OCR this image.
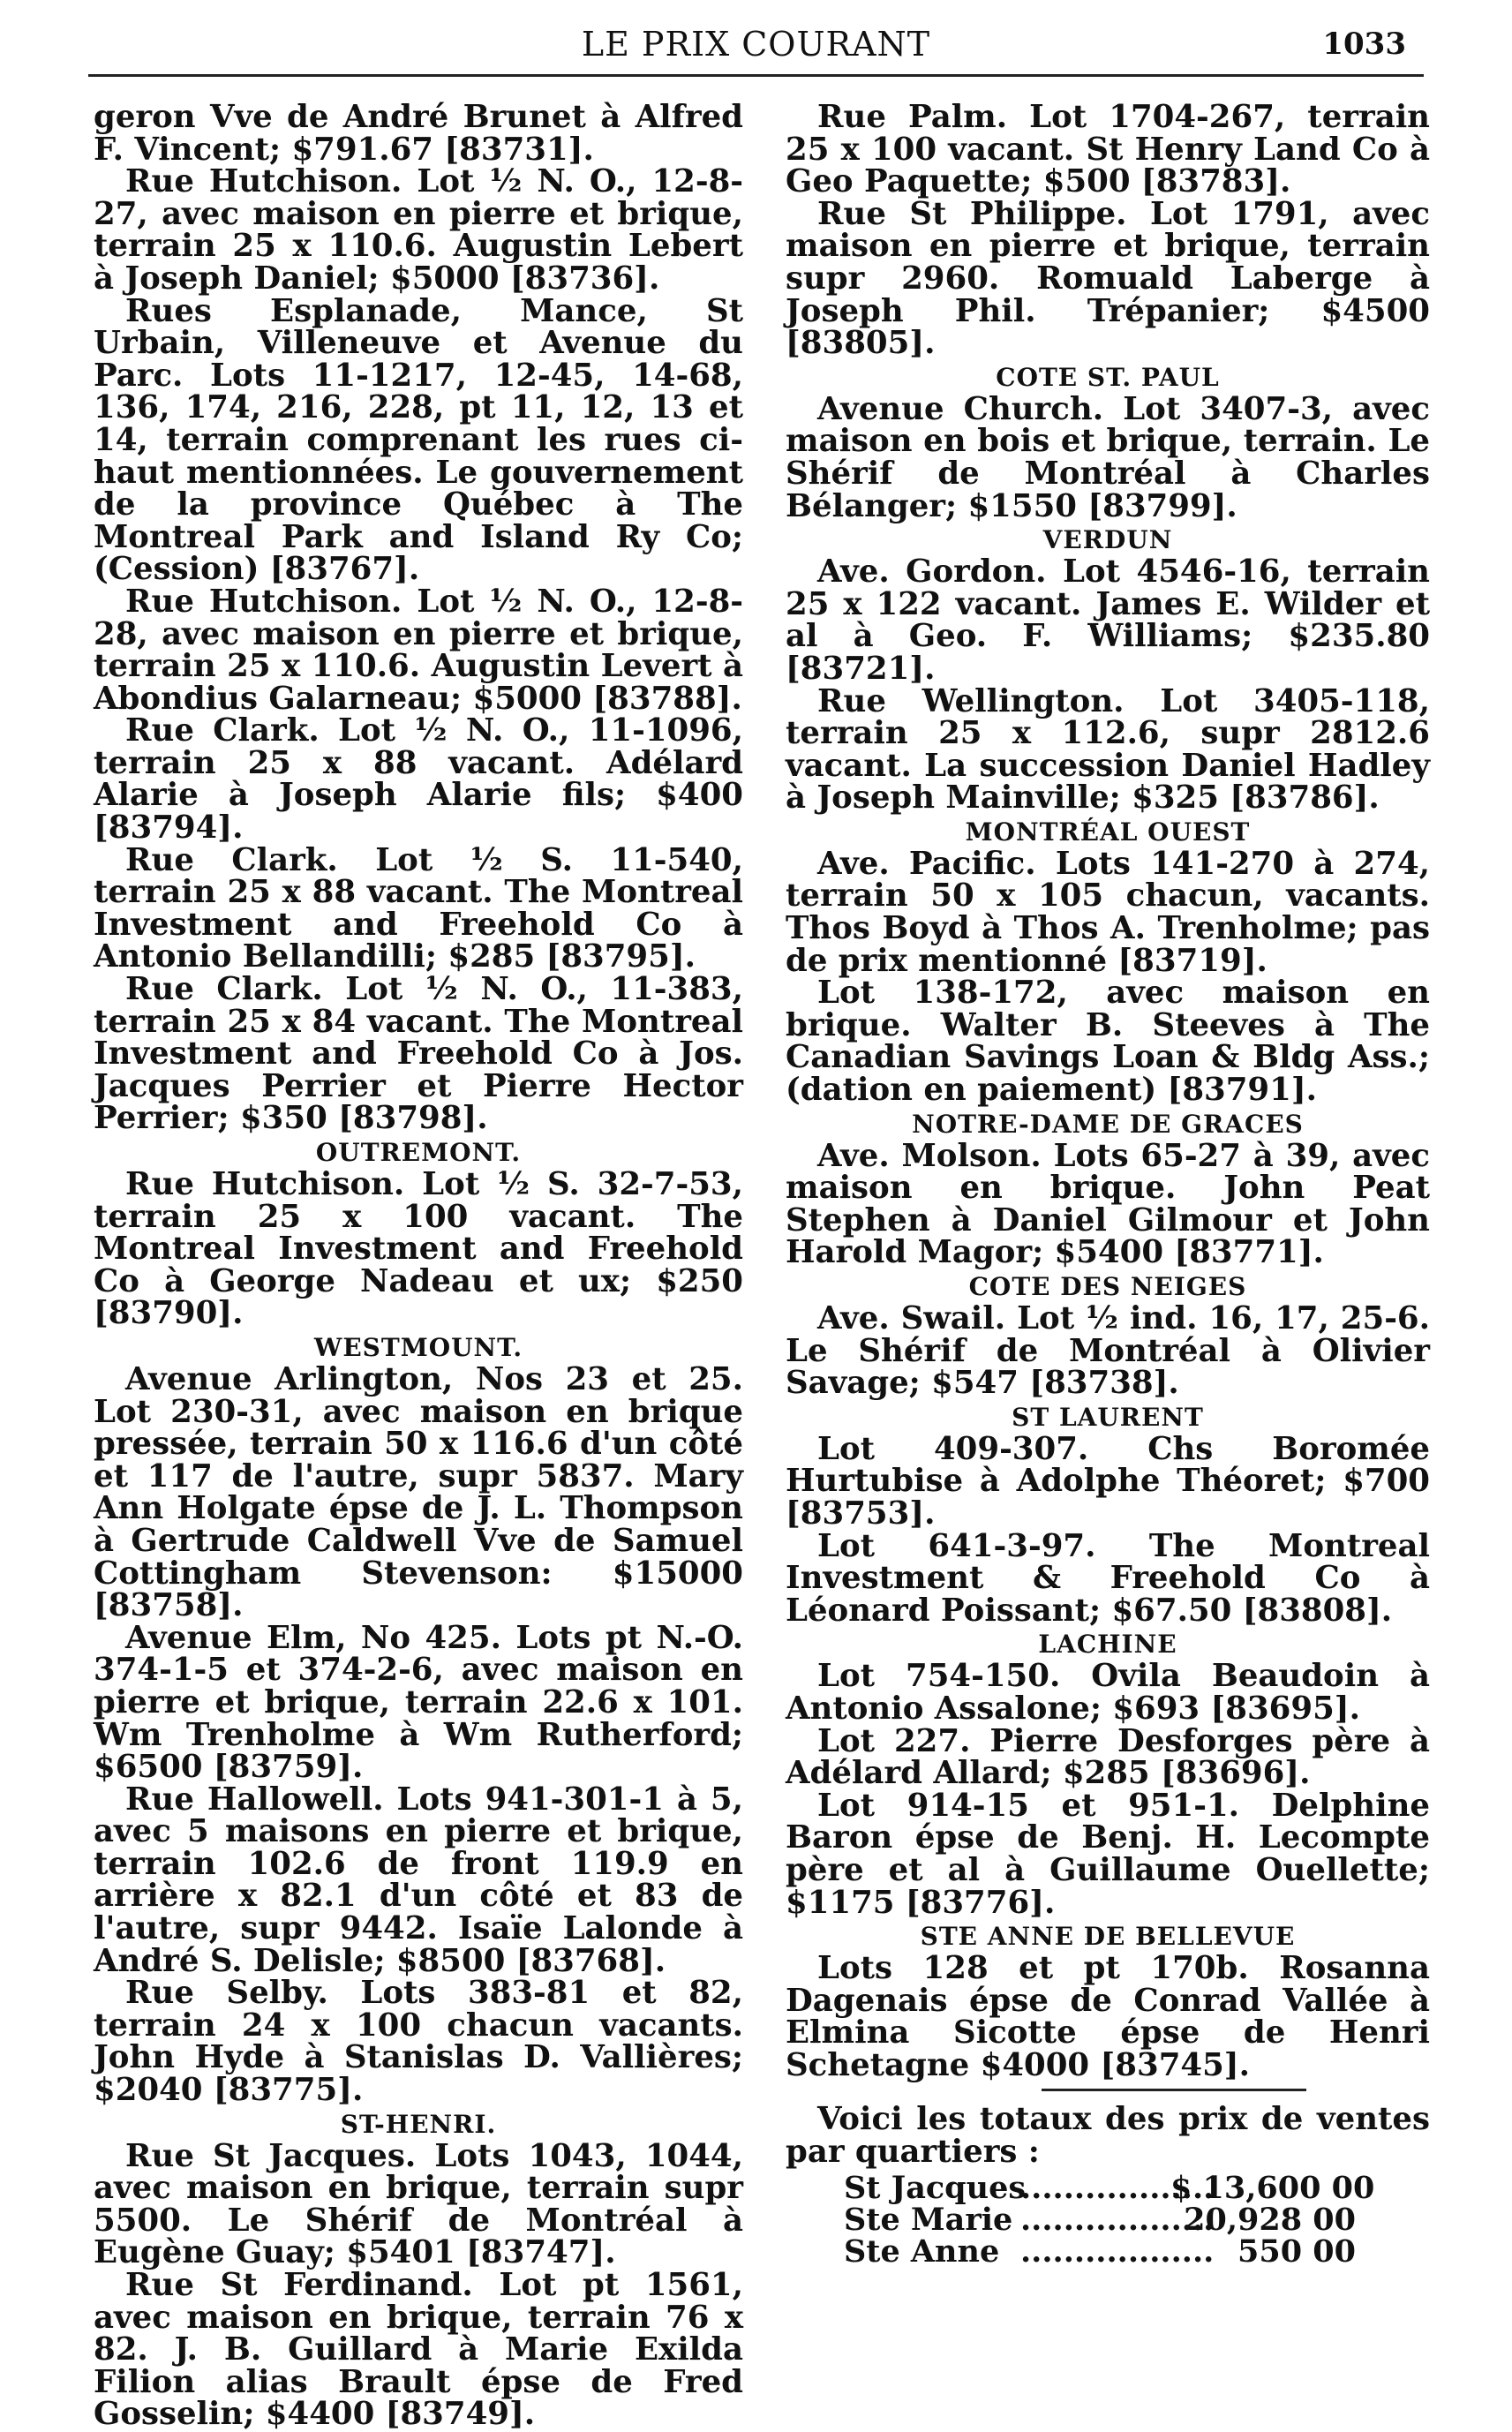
LE PRIX COURANT	1033

geron Vve de André Brunet à Alfred F. Vincent; $791.67 [83731].

Rue Hutchison. Lot ½ N. O., 12-8-27, avec maison en pierre et brique, terrain 25 x 110.6. Augustin Lebert à Joseph Daniel; $5000 [83736].

Rues Esplanade, Mance, St Urbain, Villeneuve et Avenue du Parc. Lots 11-1217, 12-45, 14-68, 136, 174, 216, 228, pt 11, 12, 13 et 14, terrain comprenant les rues ci-haut mentionnées. Le gouvernement de la province Québec à The Montreal Park and Island Ry Co; (Cession) [83767].

Rue Hutchison. Lot ½ N. O., 12-8-28, avec maison en pierre et brique, terrain 25 x 110.6. Augustin Levert à Abondius Galarneau; $5000 [83788].

Rue Clark. Lot ½ N. O., 11-1096, terrain 25 x 88 vacant. Adélard Alarie à Joseph Alarie fils; $400 [83794].

Rue Clark. Lot ½ S. 11-540, terrain 25 x 88 vacant. The Montreal Investment and Freehold Co à Antonio Bellandilli; $285 [83795].

Rue Clark. Lot ½ N. O., 11-383, terrain 25 x 84 vacant. The Montreal Investment and Freehold Co à Jos. Jacques Perrier et Pierre Hector Perrier; $350 [83798].

OUTREMONT.

Rue Hutchison. Lot ½ S. 32-7-53, terrain 25 x 100 vacant. The Montreal Investment and Freehold Co à George Nadeau et ux; $250 [83790].

WESTMOUNT.

Avenue Arlington, Nos 23 et 25. Lot 230-31, avec maison en brique pressée, terrain 50 x 116.6 d'un côté et 117 de l'autre, supr 5837. Mary Ann Holgate épse de J. L. Thompson à Gertrude Caldwell Vve de Samuel Cottingham Stevenson: $15000 [83758].

Avenue Elm, No 425. Lots pt N.-O. 374-1-5 et 374-2-6, avec maison en pierre et brique, terrain 22.6 x 101. Wm Trenholme à Wm Rutherford; $6500 [83759].

Rue Hallowell. Lots 941-301-1 à 5, avec 5 maisons en pierre et brique, terrain 102.6 de front 119.9 en arrière x 82.1 d'un côté et 83 de l'autre, supr 9442. Isaïe Lalonde à André S. Delisle; $8500 [83768].

Rue Selby. Lots 383-81 et 82, terrain 24 x 100 chacun vacants. John Hyde à Stanislas D. Vallières; $2040 [83775].

ST-HENRI.

Rue St Jacques. Lots 1043, 1044, avec maison en brique, terrain supr 5500. Le Shérif de Montréal à Eugène Guay; $5401 [83747].

Rue St Ferdinand. Lot pt 1561, avec maison en brique, terrain 76 x 82. J. B. Guillard à Marie Exilda Filion alias Brault épse de Fred Gosselin; $4400 [83749].

Rue Palm. Lot 1704-267, terrain 25 x 100 vacant. St Henry Land Co à Geo Paquette; $500 [83783].

Rue St Philippe. Lot 1791, avec maison en pierre et brique, terrain supr 2960. Romuald Laberge à Joseph Phil. Trépanier; $4500 [83805].

COTE ST. PAUL

Avenue Church. Lot 3407-3, avec maison en bois et brique, terrain. Le Shérif de Montréal à Charles Bélanger; $1550 [83799].

VERDUN

Ave. Gordon. Lot 4546-16, terrain 25 x 122 vacant. James E. Wilder et al à Geo. F. Williams; $235.80 [83721].

Rue Wellington. Lot 3405-118, terrain 25 x 112.6, supr 2812.6 vacant. La succession Daniel Hadley à Joseph Mainville; $325 [83786].

MONTRÉAL OUEST

Ave. Pacific. Lots 141-270 à 274, terrain 50 x 105 chacun, vacants. Thos Boyd à Thos A. Trenholme; pas de prix mentionné [83719].

Lot 138-172, avec maison en brique. Walter B. Steeves à The Canadian Savings Loan & Bldg Ass.; (dation en paiement) [83791].

NOTRE-DAME DE GRACES

Ave. Molson. Lots 65-27 à 39, avec maison en brique. John Peat Stephen à Daniel Gilmour et John Harold Magor; $5400 [83771].

COTE DES NEIGES

Ave. Swail. Lot ½ ind. 16, 17, 25-6. Le Shérif de Montréal à Olivier Savage; $547 [83738].

ST LAURENT

Lot 409-307. Chs Boromée Hurtubise à Adolphe Théoret; $700 [83753].

Lot 641-3-97. The Montreal Investment & Freehold Co à Léonard Poissant; $67.50 [83808].

LACHINE

Lot 754-150. Ovila Beaudoin à Antonio Assalone; $693 [83695].

Lot 227. Pierre Desforges père à Adélard Allard; $285 [83696].

Lot 914-15 et 951-1. Delphine Baron épse de Benj. H. Lecompte père et al à Guillaume Ouellette; $1175 [83776].

STE ANNE DE BELLEVUE

Lots 128 et pt 170b. Rosanna Dagenais épse de Conrad Vallée à Elmina Sicotte épse de Henri Schetagne $4000 [83745].

Voici les totaux des prix de ventes par quartiers :

St Jacques
..................
$ 13,600 00
Ste Marie ..................
20,928 00
Ste Anne .................. 550 00
